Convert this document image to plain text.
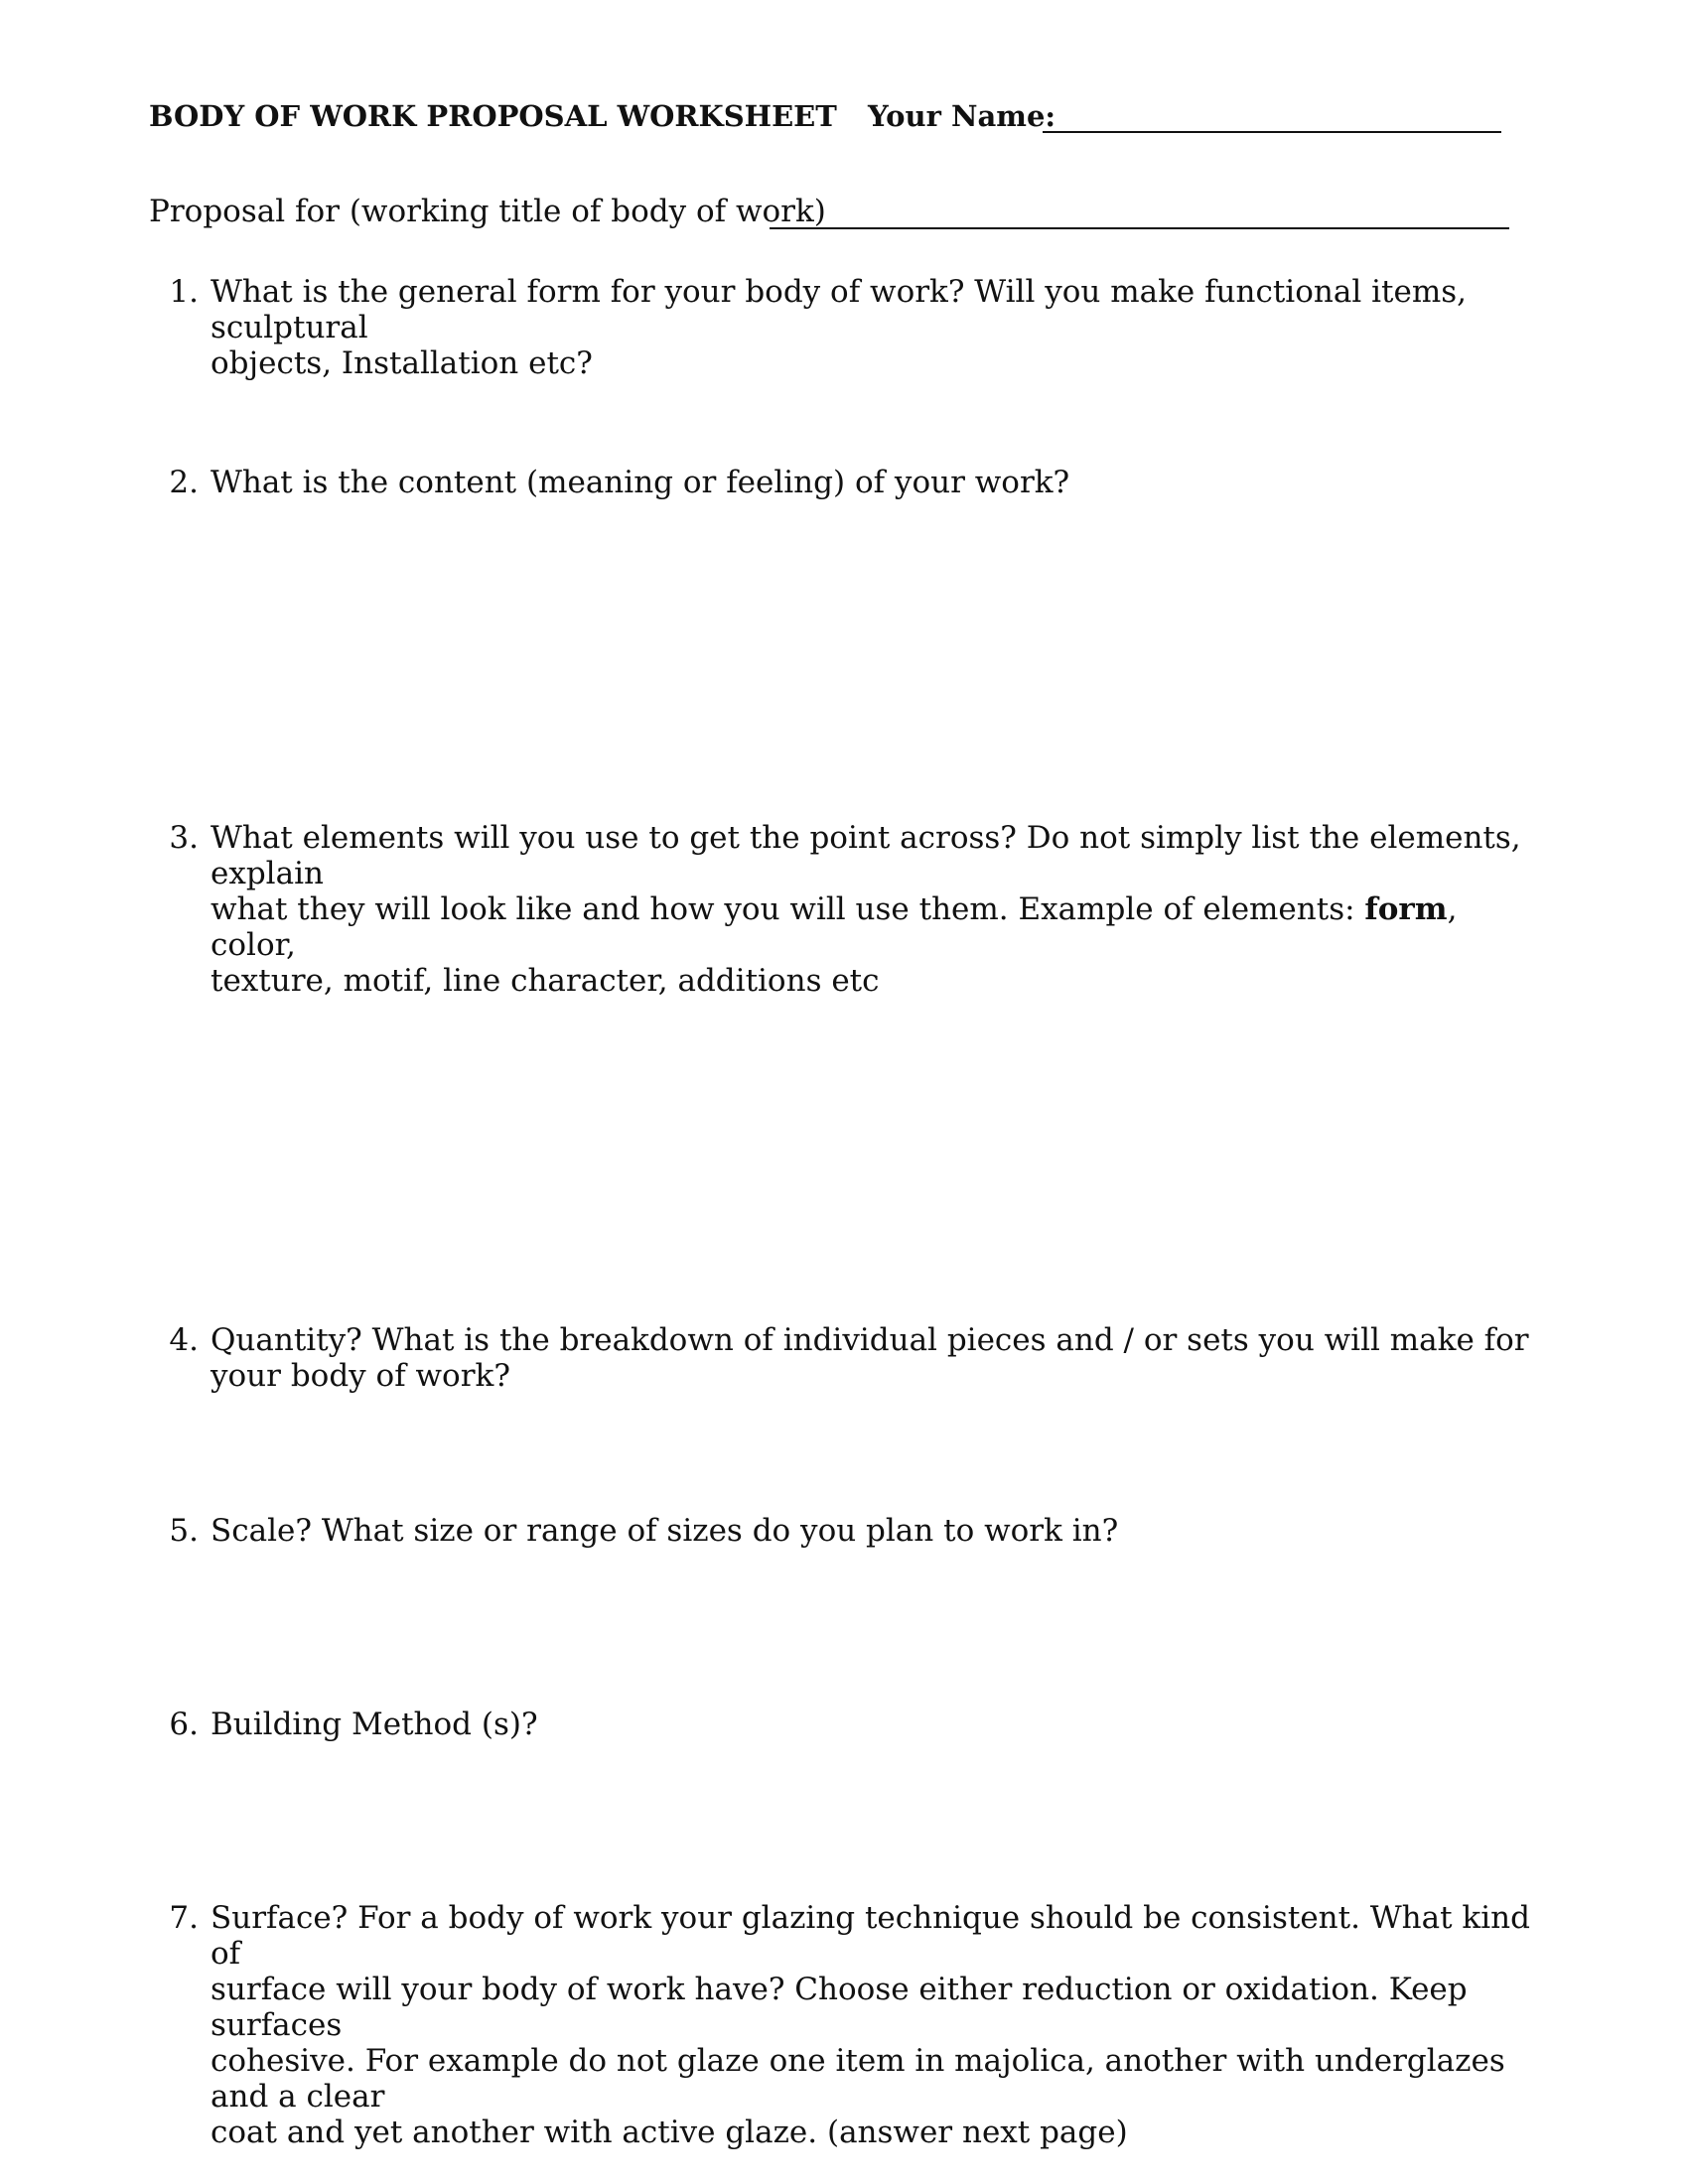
BODY OF WORK PROPOSAL WORKSHEET Your Name:
Proposal for (working title of body of work)
1. What is the general form for your body of work? Will you make functional items, sculptural
objects, Installation etc?
2. What is the content (meaning or feeling) of your work?
3. What elements will you use to get the point across? Do not simply list the elements, explain
what they will look like and how you will use them. Example of elements: form, color,
texture, motif, line character, additions etc
4. Quantity? What is the breakdown of individual pieces and / or sets you will make for
your body of work?
5. Scale? What size or range of sizes do you plan to work in?
6. Building Method (s)?
7. Surface? For a body of work your glazing technique should be consistent. What kind of
surface will your body of work have? Choose either reduction or oxidation. Keep surfaces
cohesive. For example do not glaze one item in majolica, another with underglazes and a clear
coat and yet another with active glaze. (answer next page)
